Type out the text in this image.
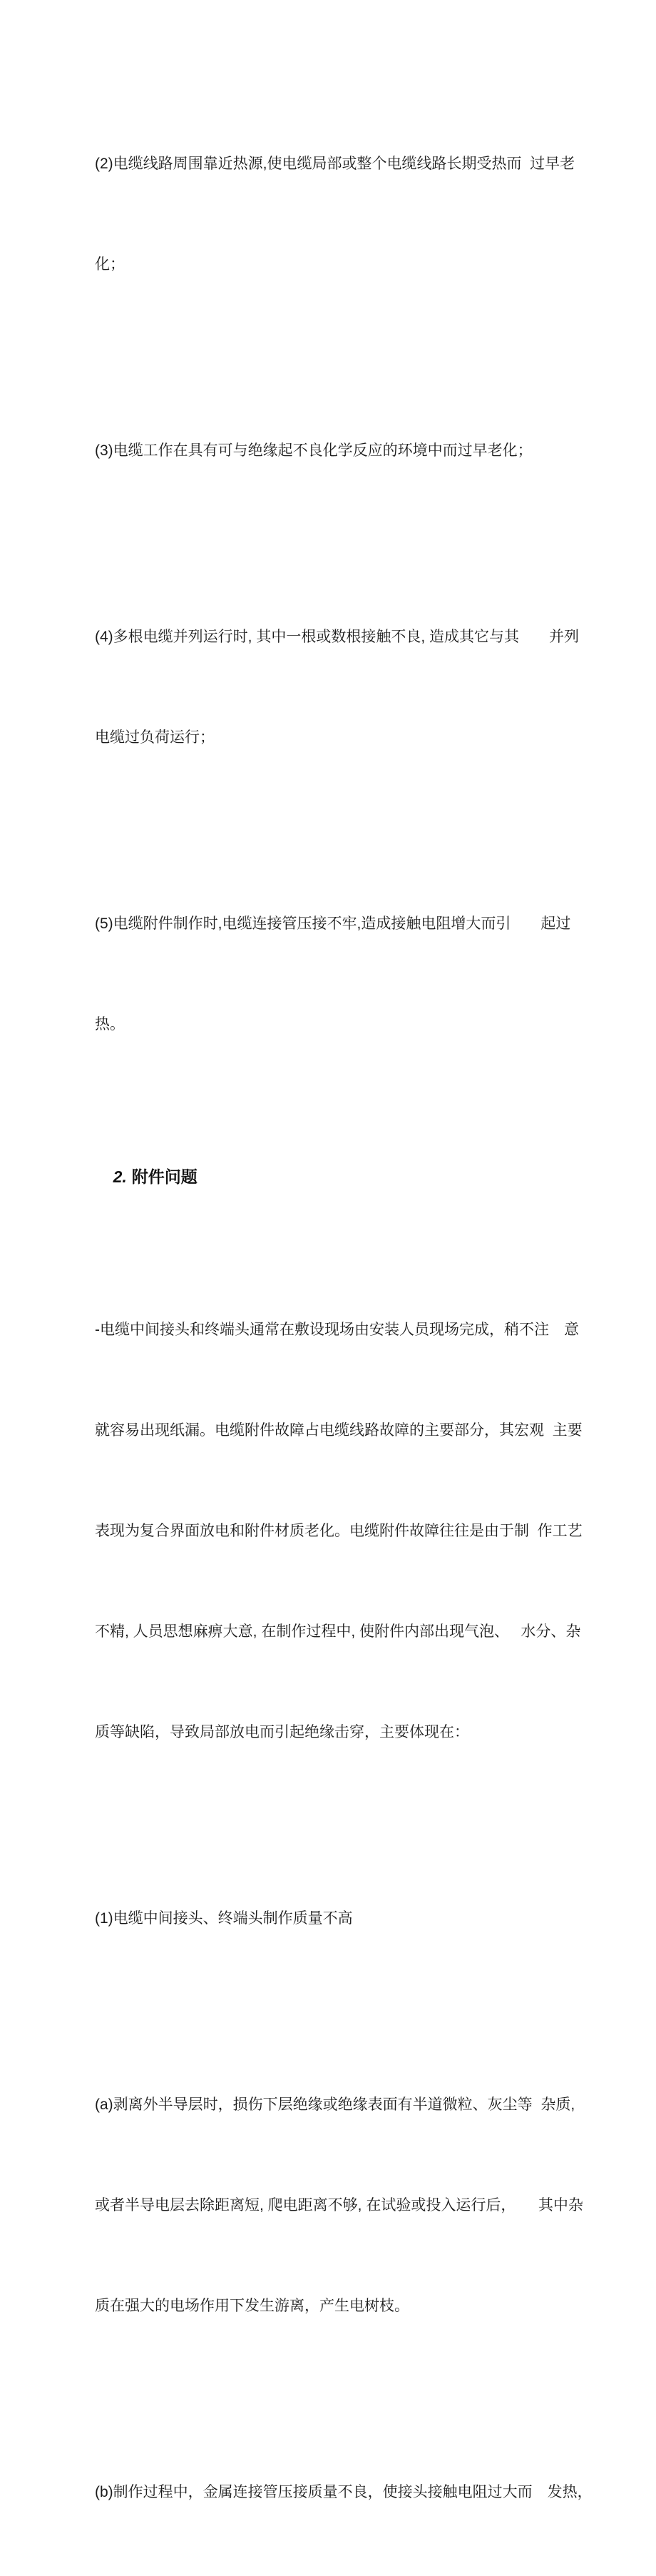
(2)电缆线路周围靠近热源,使电缆局部或整个电缆线路长期受热而  过早老

化；

(3)电缆工作在具有可与绝缘起不良化学反应的环境中而过早老化；

(4)多根电缆并列运行时, 其中一根或数根接触不良, 造成其它与其　　并列

电缆过负荷运行；

(5)电缆附件制作时,电缆连接管压接不牢,造成接触电阻增大而引　　起过

热。

2. 附件问题

-电缆中间接头和终端头通常在敷设现场由安装人员现场完成，稍不注　意

就容易出现纸漏。电缆附件故障占电缆线路故障的主要部分，其宏观  主要

表现为复合界面放电和附件材质老化。电缆附件故障往往是由于制  作工艺

不精, 人员思想麻痹大意, 在制作过程中, 使附件内部出现气泡、　 水分、杂

质等缺陷，导致局部放电而引起绝缘击穿，主要体现在：

(1)电缆中间接头、终端头制作质量不高

(a)剥离外半导层时，损伤下层绝缘或绝缘表面有半道微粒、灰尘等  杂质,

或者半导电层去除距离短, 爬电距离不够, 在试验或投入运行后，　　其中杂

质在强大的电场作用下发生游离，产生电树枝。

(b)制作过程中，金属连接管压接质量不良，使接头接触电阻过大而　发热，
